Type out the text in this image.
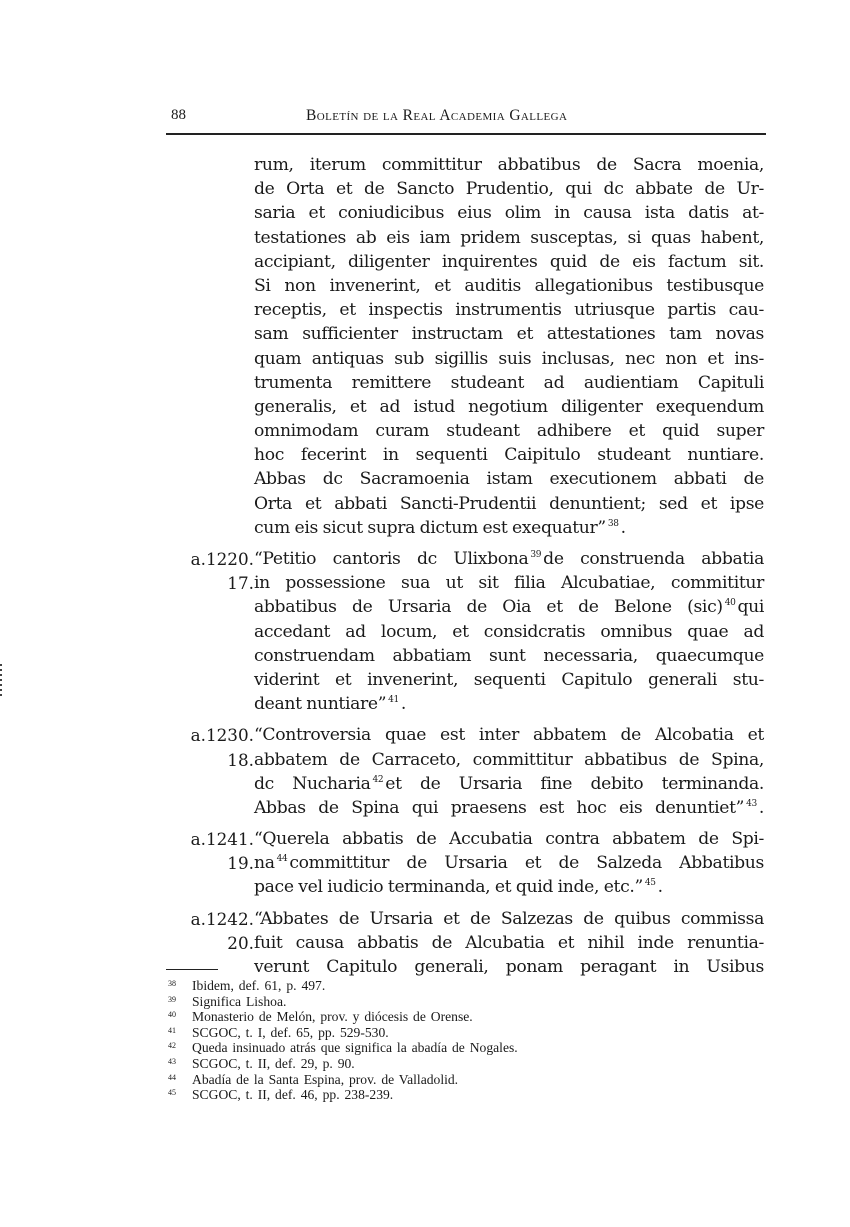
88	Boletín de la Real Academia Gallega
rum, iterum committitur abbatibus de Sacra moenia,
de Orta et de Sancto Prudentio, qui dc abbate de Ur-
saria et coniudicibus eius olim in causa ista datis at-
testationes ab eis iam pridem susceptas, si quas habent,
accipiant, diligenter inquirentes quid de eis factum sit.
Si non invenerint, et auditis allegationibus testibusque
receptis, et inspectis instrumentis utriusque partis cau-
sam sufficienter instructam et attestationes tam novas
quam antiquas sub sigillis suis inclusas, nec non et ins-
trumenta remittere studeant ad audientiam Capituli
generalis, et ad istud negotium diligenter exequendum
omnimodam curam studeant adhibere et quid super
hoc fecerint in sequenti Caipitulo studeant nuntiare.
Abbas dc Sacramoenia istam executionem abbati de
Orta et abbati Sancti-Prudentii denuntient; sed et ipse
cum eis sicut supra dictum est exequatur” $^{38}$ .
a.1220. “Petitio cantoris dc Ulixbona $^{39}$ de construenda abbatia
17. in possessione sua ut sit filia Alcubatiae, commititur
abbatibus de Ursaria de Oia et de Belone (sic) $^{40}$ qui
accedant ad locum, et considcratis omnibus quae ad
construendam abbatiam sunt necessaria, quaecumque
viderint et invenerint, sequenti Capitulo generali stu-
deant nuntiare” $^{41}$ .
a.1230. “Controversia quae est inter abbatem de Alcobatia et
18. abbatem de Carraceto, committitur abbatibus de Spina,
dc Nucharia $^{42}$ et de Ursaria fine debito terminanda.
Abbas de Spina qui praesens est hoc eis denuntiet” $^{43}$ .
a.1241. “Querela abbatis de Accubatia contra abbatem de Spi-
19. na $^{44}$ committitur de Ursaria et de Salzeda Abbatibus
pace vel iudicio terminanda, et quid inde, etc.” $^{45}$ .
a.1242. “Abbates de Ursaria et de Salzezas de quibus commissa
20. fuit causa abbatis de Alcubatia et nihil inde renuntia-
verunt Capitulo generali, ponam peragant in Usibus
38	Ibidem, def. 61, p. 497.
39	Significa Lishoa.
40	Monasterio de Melón, prov. y diócesis de Orense.
41	SCGOC, t. I, def. 65, pp. 529-530.
42	Queda insinuado atrás que significa la abadía de Nogales.
43	SCGOC, t. II, def. 29, p. 90.
44	Abadía de la Santa Espina, prov. de Valladolid.
45	SCGOC, t. II, def. 46, pp. 238-239.
